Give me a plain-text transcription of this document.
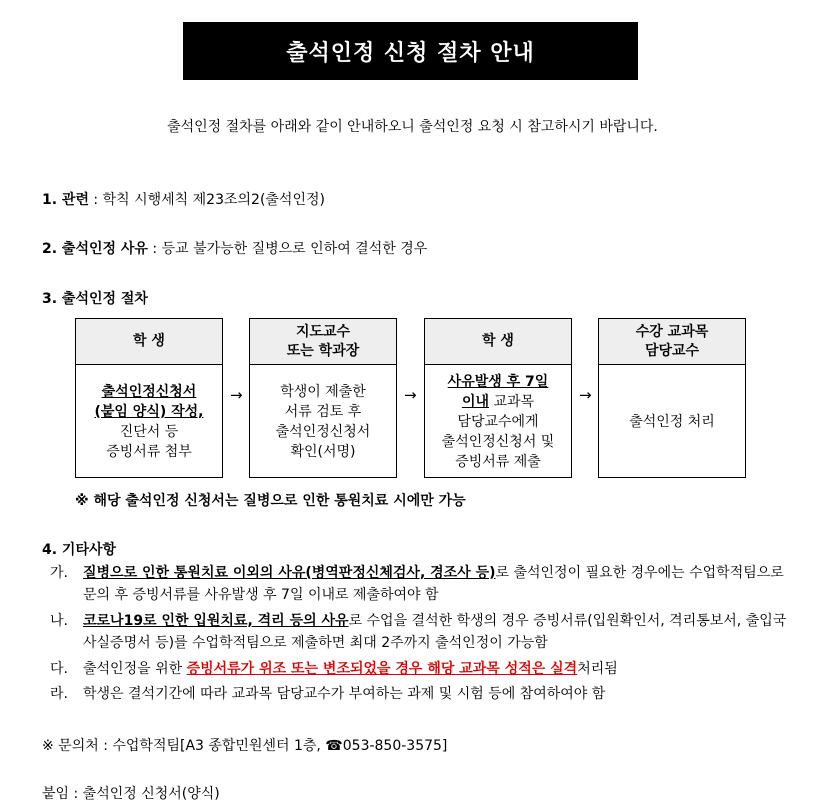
출석인정 신청 절차 안내
출석인정 절차를 아래와 같이 안내하오니 출석인정 요청 시 참고하시기 바랍니다.
1. 관련 : 학칙 시행세칙 제23조의2(출석인정)
2. 출석인정 사유 : 등교 불가능한 질병으로 인하여 결석한 경우
3. 출석인정 절차
학 생
출석인정신청서
(붙임 양식) 작성,
진단서 등
증빙서류 첨부
→
지도교수
또는 학과장
학생이 제출한
서류 검토 후
출석인정신청서
확인(서명)
→
학 생
사유발생 후 7일
이내 교과목
담당교수에게
출석인정신청서 및
증빙서류 제출
→
수강 교과목
담당교수
출석인정 처리
※ 해당 출석인정 신청서는 질병으로 인한 통원치료 시에만 가능
4. 기타사항
가. 질병으로 인한 통원치료 이외의 사유(병역판정신체검사, 경조사 등)로 출석인정이 필요한 경우에는 수업학적팀으로 문의 후 증빙서류를 사유발생 후 7일 이내로 제출하여야 함
나. 코로나19로 인한 입원치료, 격리 등의 사유로 수업을 결석한 학생의 경우 증빙서류(입원확인서, 격리통보서, 출입국사실증명서 등)를 수업학적팀으로 제출하면 최대 2주까지 출석인정이 가능함
다. 출석인정을 위한 증빙서류가 위조 또는 변조되었을 경우 해당 교과목 성적은 실격처리됨
라. 학생은 결석기간에 따라 교과목 담당교수가 부여하는 과제 및 시험 등에 참여하여야 함
※ 문의처 : 수업학적팀[A3 종합민원센터 1층, ☎053-850-3575]
붙임 : 출석인정 신청서(양식)
